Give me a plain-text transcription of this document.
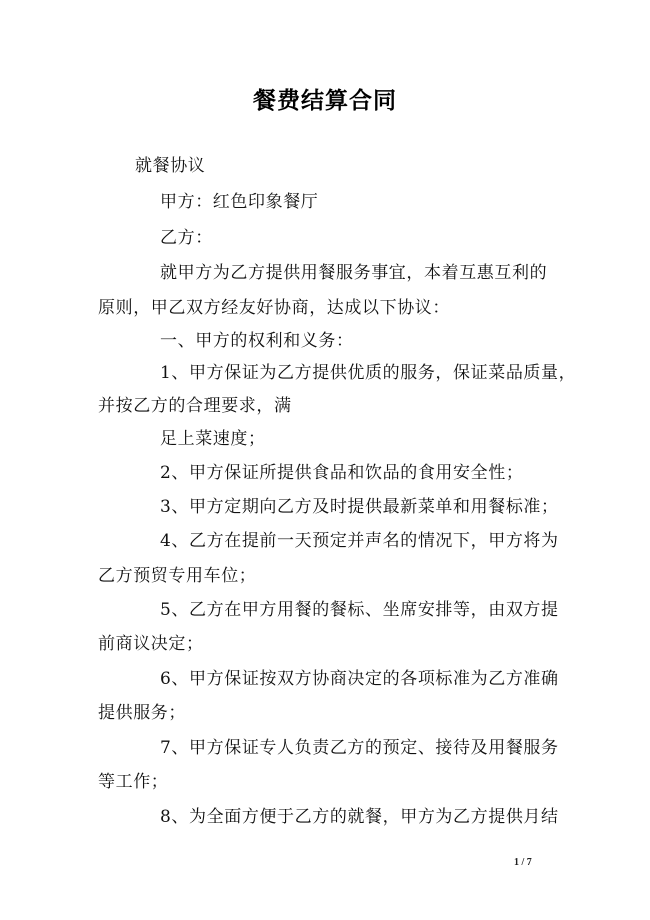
餐费结算合同
就餐协议
甲方：红色印象餐厅
乙方：
就甲方为乙方提供用餐服务事宜，本着互惠互利的
原则，甲乙双方经友好协商，达成以下协议：
一、甲方的权利和义务：
1、甲方保证为乙方提供优质的服务，保证菜品质量，
并按乙方的合理要求，满
足上菜速度；
2、甲方保证所提供食品和饮品的食用安全性；
3、甲方定期向乙方及时提供最新菜单和用餐标准；
4、乙方在提前一天预定并声名的情况下，甲方将为
乙方预贸专用车位；
5、乙方在甲方用餐的餐标、坐席安排等，由双方提
前商议决定；
6、甲方保证按双方协商决定的各项标准为乙方准确
提供服务；
7、甲方保证专人负责乙方的预定、接待及用餐服务
等工作；
8、为全面方便于乙方的就餐，甲方为乙方提供月结
1 / 7
